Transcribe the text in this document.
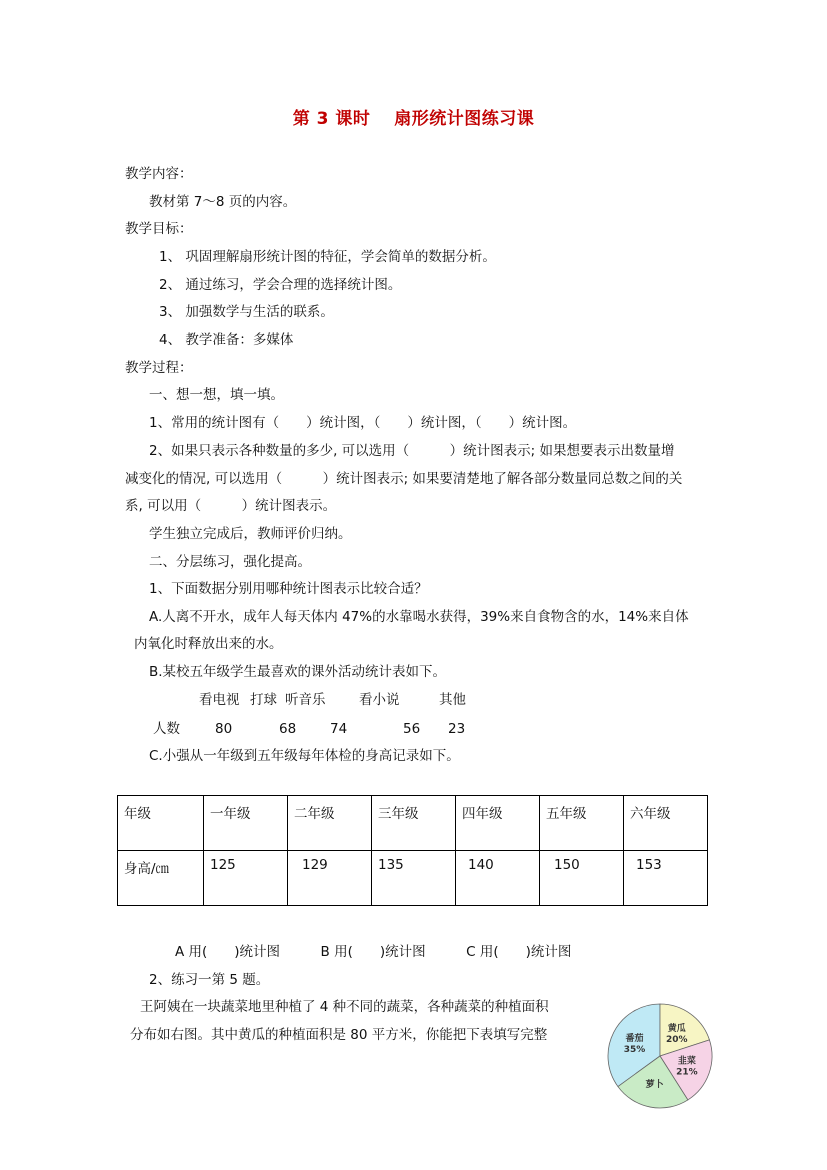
第 3 课时　 扇形统计图练习课
教学内容：
教材第 7～8 页的内容。
教学目标：
1、 巩固理解扇形统计图的特征，学会简单的数据分析。
2、 通过练习，学会合理的选择统计图。
3、 加强数学与生活的联系。
4、 教学准备：多媒体
教学过程：
一、想一想，填一填。
1、常用的统计图有（　　）统计图，（　　）统计图，（　　）统计图。
2、如果只表示各种数量的多少, 可以选用（　　　）统计图表示; 如果想要表示出数量增
减变化的情况, 可以选用（　　　）统计图表示; 如果要清楚地了解各部分数量同总数之间的关
系, 可以用（　　　）统计图表示。
学生独立完成后，教师评价归纳。
二、分层练习，强化提高。
1、下面数据分别用哪种统计图表示比较合适？
A.人离不开水，成年人每天体内 47%的水靠喝水获得，39%来自食物含的水，14%来自体
内氧化时释放出来的水。
B.某校五年级学生最喜欢的课外活动统计表如下。
看电视 打球 听音乐 看小说	其他
人数	80	68	74	56 23
C.小强从一年级到五年级每年体检的身高记录如下。
年级	一年级	二年级	三年级	四年级	五年级	六年级
身高/㎝	125	129	135	140	150	153
A 用(　　)统计图　　　B 用(　　)统计图　　　C 用(　　)统计图
2、练习一第 5 题。
王阿姨在一块蔬菜地里种植了 4 种不同的蔬菜，各种蔬菜的种植面积
分布如右图。其中黄瓜的种植面积是 80 平方米，你能把下表填写完整	番茄
35%
黄瓜
20%
韭菜
21%
萝卜
